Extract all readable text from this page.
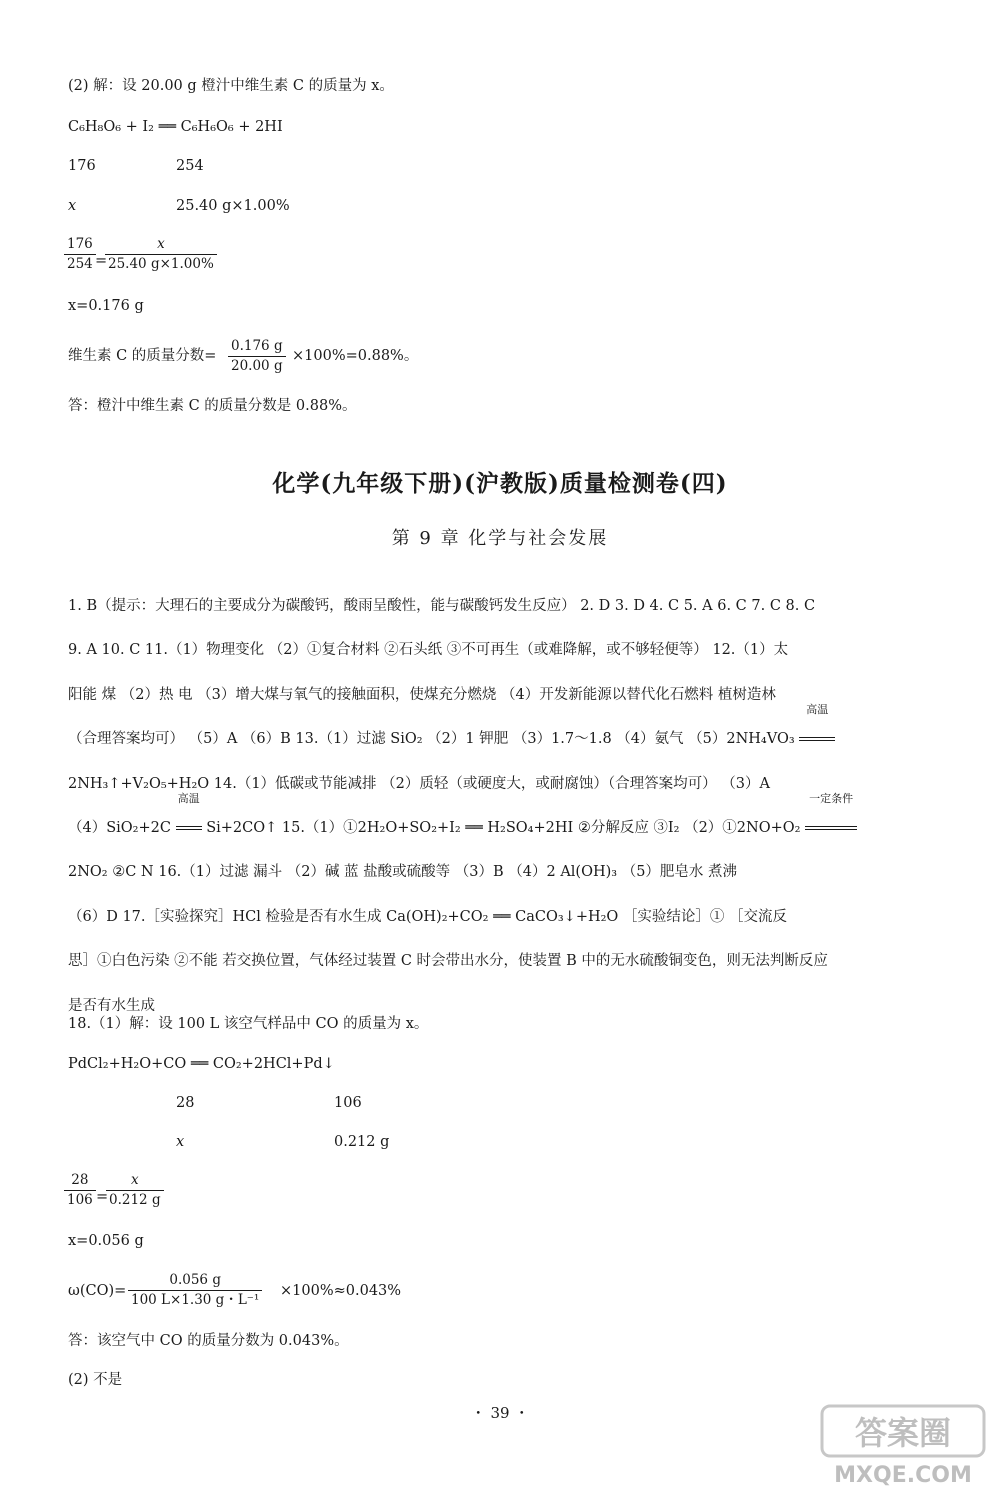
(2) 解：设 20.00 g 橙汁中维生素 C 的质量为 x。
C₆H₈O₆ + I₂ ══ C₆H₆O₆ + 2HI
176	254
x	25.40 g×1.00%
$\frac{176}{254}$ =
$\frac{x}{25.40 g\times 1.00\%}$
x=0.176 g
维生素 C 的质量分数= $\frac{0.176 g}{20.00 g} \times 100\%=0.88\%$。
答：橙汁中维生素 C 的质量分数是 0.88%。
化学(九年级下册)(沪教版)质量检测卷(四)
第 9 章 化学与社会发展
1. B（提示：大理石的主要成分为碳酸钙，酸雨呈酸性，能与碳酸钙发生反应） 2. D 3. D 4. C 5. A 6. C 7. C 8. C
9. A 10. C 11.（1）物理变化 （2）①复合材料 ②石头纸 ③不可再生（或难降解，或不够轻便等） 12.（1）太
阳能 煤 （2）热 电 （3）增大煤与氧气的接触面积，使煤充分燃烧 （4）开发新能源以替代化石燃料 植树造林
（合理答案均可） （5）A （6）B 13.（1）过滤 SiO₂ （2）1 钾肥 （3）1.7～1.8 （4）氨气 （5）2NH₄VO₃
高温
2NH₃↑+V₂O₅+H₂O 14.（1）低碳或节能减排 （2）质轻（或硬度大，或耐腐蚀）（合理答案均可） （3）A
（4）SiO₂+2C
高温
Si+2CO↑ 15.（1）①2H₂O+SO₂+I₂ ══ H₂SO₄+2HI ②分解反应 ③I₂ （2）①2NO+O₂
一定条件
2NO₂ ②C N 16.（1）过滤 漏斗 （2）碱 蓝 盐酸或硫酸等 （3）B （4）2 Al(OH)₃ （5）肥皂水 煮沸
（6）D 17.［实验探究］HCl 检验是否有水生成 Ca(OH)₂+CO₂ ══ CaCO₃↓+H₂O ［实验结论］① ［交流反
思］①白色污染 ②不能 若交换位置，气体经过装置 C 时会带出水分，使装置 B 中的无水硫酸铜变色，则无法判断反应
是否有水生成
18.（1）解：设 100 L 该空气样品中 CO 的质量为 x。
PdCl₂+H₂O+CO ══ CO₂+2HCl+Pd↓
28	106
x	0.212 g
$\frac{28}{106}$ =
$\frac{x}{0.212 g}$
x=0.056 g
$\omega(CO)= \frac{0.056 g}{\text{100 L×1.30 g・L⁻¹}} \times 100\%\approx 0.043\%$
答：该空气中 CO 的质量分数为 0.043%。
(2) 不是
・ 39 ・
答案圈
MXQE.COM
